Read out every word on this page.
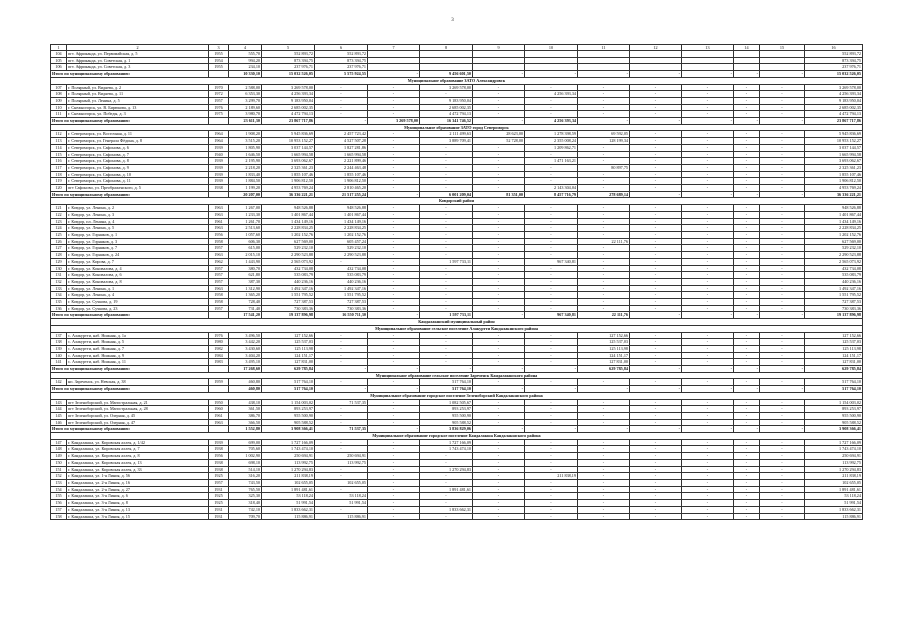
3
1	2	3	4	5	6	7	8	9	10	11	12	13	14	15	16
104	пгт. Африканда, ул. Первомайская, д. 5	1955	555,70	552 893,72	552 893,72										552 893,72
105	пгт. Африканда, ул. Советская, д. 1	1954	994,20	873 394,75	873 394,75										873 394,75
106	пгт. Африканда, ул. Советская, д. 3	1955	234,10	237 976,71	237 976,71										237 976,71
Итого по муниципальному образованию:			10 330,10	15 032 526,05	5 575 924,55	-	9 456 601,50	-	-	-	-	-	-	-	15 032 526,05
Муниципальное образование ЗАТО Александровск															
107	г. Полярный, ул. Видяева, д. 2	1970	2 588,00	3 269 578,00	-	-	3 269 578,00	-	-	-	-	-	-	-	3 269 578,00
108	г. Полярный, ул. Видяева, д. 11	1972	6 353,30	4 256 393,34	-	-	-	-	4 256 393,34	-	-	-	-	-	4 256 393,34
109	г. Полярный, ул. Ленина, д. 5	1957	3 299,70	9 183 950,04	-	-	9 183 950,04	-	-	-	-	-	-	-	9 183 950,04
110	г. Снежногорск, ул. В. Бирюкова, д. 13	1976	2 189,60	2 685 002,35	-	-	2 685 002,35	-	-	-	-	-	-	-	2 685 002,35
111	г. Снежногорск, ул. Победы, д. 3	1975	3 980,70	4 472 794,13	-	-	4 472 794,13	-	-	-	-	-	-	-	4 472 794,13
Итого по муниципальному образованию:			23 611,30	23 867 717,86	-	3 269 578,00	16 341 746,52	-	4 256 393,34	-	-	-	-	-	23 867 717,86
Муниципальное образование ЗАТО город Североморск															
112	г. Североморск, ул. Восточная, д. 11	1964	1 908,20	5 945 836,69	2 457 723,42	-	2 111 499,63	28 623,00	1 278 398,59	69 592,05	-	-	-	-	5 945 836,69
113	г. Североморск, ул. Генерала Фёдина, д. 8	1964	3 515,20	10 953 152,27	4 527 507,28	-	3 889 709,41	52 728,00	2 355 008,24	128 199,34	-	-	-	-	10 953 152,27
114	г. Североморск, ул. Сафонова, д. 6	1939	1 805,90	3 037 144,57	1 827 281,86	-	-	-	1 209 862,71	-	-	-	-	-	3 037 144,57
115	г. Североморск, ул. Сафонова, д. 7	1940	1 646,50	1 665 994,58	1 665 994,58	-	-	-	-	-	-	-	-	-	1 665 994,58
116	г. Североморск, ул. Сафонова, д. 8	1939	2 195,90	3 693 062,67	2 221 899,46	-	-	-	1 471 163,21	-	-	-	-	-	3 693 062,67
117	г. Североморск, ул. Сафонова, д. 9	1939	2 218,20	2 325 361,23	2 244 463,48	-	-	-	-	80 897,75	-	-	-	-	2 325 361,23
118	г. Североморск, ул. Сафонова, д. 10	1939	1 833,40	1 855 107,46	1 855 107,46	-	-	-	-	-	-	-	-	-	1 855 107,46
119	г. Североморск, ул. Сафонова, д. 11	1939	1 884,50	1 906 812,50	1 906 812,50	-	-	-	-	-	-	-	-	-	1 906 812,50
120	пгт Сафоново, ул. Преображенского, д. 5	1938	1 199,20	4 953 769,24	2 810 465,20	-	-	-	2 143 304,04	-	-	-	-	-	4 953 769,24
Итого по муниципальному образованию:			20 207,00	36 336 221,21	21 517 255,24	-	6 001 209,04	81 351,00	8 457 716,79	278 689,14	-	-	-	-	36 336 221,21
Ковдорский район															
121	г. Ковдор, ул. Ленина, д. 2	1963	1 267,00	948 526,88	948 526,88	-	-	-	-	-	-	-	-	-	948 526,88
122	г. Ковдор, ул. Ленина, д. 3	1963	1 233,30	1 401 867,44	1 401 867,44	-	-	-	-	-	-	-	-	-	1 401 867,44
123	г. Ковдор, пл. Ленина, д. 4	1961	1 261,70	1 434 149,16	1 434 149,16	-	-	-	-	-	-	-	-	-	1 434 149,16
124	г. Ковдор, ул. Ленина, д. 5	1963	2 513,60	2 228 834,25	2 228 834,25	-	-	-	-	-	-	-	-	-	2 228 834,25
125	г. Ковдор, ул. Горняков, д. 1	1956	1 057,60	1 202 152,76	1 202 152,76	-	-	-	-	-	-	-	-	-	1 202 152,76
126	г. Ковдор, ул. Горняков, д. 3	1958	606,30	627 569,00	605 457,24	-	-	-	-	22 111,76	-	-	-	-	627 569,00
127	г. Ковдор, ул. Горняков, д. 7	1957	615,00	529 232,10	529 232,10	-	-	-	-	-	-	-	-	-	529 232,10
128	г. Ковдор, ул. Горняков, д. 24	1963	2 015,10	2 290 523,88	2 290 523,88	-	-	-	-	-	-	-	-	-	2 290 523,88
129	г. Ковдор, ул. Кирова, д. 7	1962	1 443,90	2 565 073,92	-	-	1 597 733,11	-	967 340,81	-	-	-	-	-	2 565 073,92
130	г. Ковдор, ул. Коновалова, д. 4	1957	380,70	432 734,08	432 734,08	-	-	-	-	-	-	-	-	-	432 734,08
131	г. Ковдор, ул. Коновалова, д. 6	1957	621,80	535 083,79	535 083,79	-	-	-	-	-	-	-	-	-	535 083,79
132	г. Ковдор, ул. Коновалова, д. 8	1957	387,30	440 236,16	440 236,16	-	-	-	-	-	-	-	-	-	440 236,16
133	г. Ковдор, ул. Ленина, д. 1	1963	1 312,90	1 492 347,16	1 492 347,16	-	-	-	-	-	-	-	-	-	1 492 347,16
134	г. Ковдор, ул. Ленина, д. 4	1958	1 365,20	1 551 795,52	1 551 795,52	-	-	-	-	-	-	-	-	-	1 551 795,52
135	г. Ковдор, ул. Сучкова, д. 19	1958	728,40	727 387,53	727 387,53	-	-	-	-	-	-	-	-	-	727 387,53
136	г. Ковдор, ул. Сучкова, д. 23	1957	731,40	730 383,36	730 383,36	-	-	-	-	-	-	-	-	-	730 383,36
Итого по муниципальному образованию:			17 541,20	19 137 896,98	16 550 711,30	-	1 597 733,11	-	967 340,81	22 111,76	-	-	-	-	19 137 896,98
Кандалакшский муниципальный район															
Муниципальное образование сельское поселение Алакуртти Кандалакшского района															
137	с. Алакуртти, наб. Нижняя, д. 1а	1976	3 496,50	127 152,66	-	-	-	-	-	127 152,66	-	-	-	-	127 152,66
138	с. Алакуртти, наб. Нижняя, д. 5	1980	3 442,20	125 537,03	-	-	-	-	-	125 537,03	-	-	-	-	125 537,03
139	с. Алакуртти, наб. Нижняя, д. 7	1982	3 430,60	125 113,98	-	-	-	-	-	125 113,98	-	-	-	-	125 113,98
140	с. Алакуртти, наб. Нижняя, д. 9	1984	3 404,20	124 151,17	-	-	-	-	-	124 151,17	-	-	-	-	124 151,17
141	с. Алакуртти, наб. Нижняя, д. 11	1983	3 495,10	127 831,00	-	-	-	-	-	127 831,00	-	-	-	-	127 831,00
Итого по муниципальному образованию:			17 268,60	629 785,84	-	-	-	-	-	629 785,84	-	-	-	-	629 785,84
Муниципальное образование сельское поселение Зареченск Кандалакшского района															
142	нп. Зареченск, ул. Невская, д. 38	1959	460,80	517 764,10	-	-	517 764,10	-	-	-	-	-	-	-	517 764,10
Итого по муниципальному образованию:			460,80	517 764,10	-	-	517 764,10	-	-	-	-	-	-	-	517 764,10
Муниципальное образование городское поселение Зеленоборский Кандалакшского района															
143	пгт Зеленоборский, ул. Магистральная, д. 21	1950	438,10	1 154 003,02	71 537,35	-	1 082 505,67	-	-	-	-	-	-	-	1 154 003,02
144	пгт Зеленоборский, ул. Магистральная, д. 28	1960	361,50	893 253,97	-	-	893 253,97	-	-	-	-	-	-	-	893 253,97
145	пгт Зеленоборский, ул. Озерная, д. 45	1961	386,70	955 500,90	-	-	955 500,90	-	-	-	-	-	-	-	955 500,90
146	пгт Зеленоборский, ул. Озерная, д. 47	1963	366,50	905 588,52	-	-	905 588,52	-	-	-	-	-	-	-	905 588,52
Итого по муниципальному образованию:			1 552,80	3 908 366,41	71 537,35	-	3 836 829,06	-	-	-	-	-	-	-	3 908 366,41
Муниципальное образование городское поселение Кандалакша Кандалакшского района															
147	г. Кандалакша, ул. Кировская аллея, д. 1/42	1939	699,00	1 727 166,09	-	-	1 727 166,09	-	-	-	-	-	-	-	1 727 166,09
148	г. Кандалакша, ул. Кировская аллея, д. 7	1938	705,60	1 743 474,10	-	-	1 743 474,10	-	-	-	-	-	-	-	1 743 474,10
149	г. Кандалакша, ул. Кировская аллея, д. 8	1956	1 002,90	250 694,91	250 694,91	-	-	-	-	-	-	-	-	-	250 694,91
150	г. Кандалакша, ул. Кировская аллея, д. 13	1938	698,10	113 992,75	113 992,75	-	-	-	-	-	-	-	-	-	113 992,75
151	г. Кандалакша, ул. Кировская аллея, д. 33	1938	514,10	1 270 294,83	-	-	1 270 294,83	-	-	-	-	-	-	-	1 270 294,83
152	г. Кандалакша, ул. 1-я Линия, д. 56	1925	316,20	211 838,19	-	-	-	-	211 838,19	-	-	-	-	-	211 838,19
153	г. Кандалакша, ул. 2-я Линия, д. 16	1957	743,50	102 655,05	102 655,05	-	-	-	-	-	-	-	-	-	102 655,05
154	г. Кандалакша, ул. 2-я Линия, д. 27	1931	765,50	1 891 481,61	-	-	1 891 481,61	-	-	-	-	-	-	-	1 891 481,61
155	г. Кандалакша, ул. 3-я Линия, д. 6	1925	325,30	53 118,24	53 118,24	-	-	-	-	-	-	-	-	-	53 118,24
156	г. Кандалакша, ул. 3-я Линия, д. 8	1925	318,40	51 991,54	51 991,54	-	-	-	-	-	-	-	-	-	51 991,54
157	г. Кандалакша, ул. 3-я Линия, д. 13	1931	742,10	1 833 662,31	-	-	1 833 662,31	-	-	-	-	-	-	-	1 833 662,31
158	г. Кандалакша, ул. 3-я Линия, д. 15	1931	709,70	115 886,91	115 886,91	-	-	-	-	-	-	-	-	-	115 886,91
